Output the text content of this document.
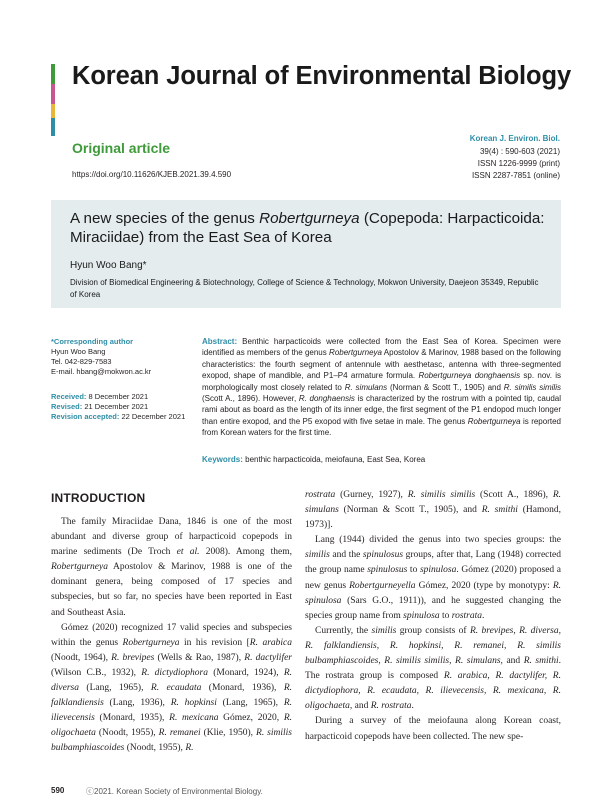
Korean Journal of Environmental Biology
Original article
https://doi.org/10.11626/KJEB.2021.39.4.590
Korean J. Environ. Biol.
39(4) : 590-603 (2021)
ISSN 1226-9999 (print)
ISSN 2287-7851 (online)
A new species of the genus Robertgurneya (Copepoda: Harpacticoida: Miraciidae) from the East Sea of Korea
Hyun Woo Bang*
Division of Biomedical Engineering & Biotechnology, College of Science & Technology, Mokwon University, Daejeon 35349, Republic of Korea
*Corresponding author
Hyun Woo Bang
Tel. 042-829-7583
E-mail. hbang@mokwon.ac.kr
Received: 8 December 2021
Revised: 21 December 2021
Revision accepted: 22 December 2021
Abstract: Benthic harpacticoids were collected from the East Sea of Korea. Specimen were identified as members of the genus Robertgurneya Apostolov & Marinov, 1988 based on the following characteristics: the fourth segment of antennule with aesthetasc, antenna with three-segmented exopod, shape of mandible, and P1–P4 armature formula. Robertgurneya donghaensis sp. nov. is morphologically most closely related to R. simulans (Norman & Scott T., 1905) and R. similis similis (Scott A., 1896). However, R. donghaensis is characterized by the rostrum with a pointed tip, caudal rami about as board as the length of its inner edge, the first segment of the P1 endopod much longer than entire exopod, and the P5 exopod with five setae in male. The genus Robertgurneya is reported from Korean waters for the first time.
Keywords: benthic harpacticoida, meiofauna, East Sea, Korea
INTRODUCTION

The family Miraciidae Dana, 1846 is one of the most abundant and diverse group of harpacticoid copepods in marine sediments (De Troch et al. 2008). Among them, Robertgurneya Apostolov & Marinov, 1988 is one of the dominant genera, being composed of 17 species and subspecies, but so far, no species have been reported in East and Southeast Asia.

Gómez (2020) recognized 17 valid species and subspecies within the genus Robertgurneya in his revision [R. arabica (Noodt, 1964), R. brevipes (Wells & Rao, 1987), R. dactylifer (Wilson C.B., 1932), R. dictydiophora (Monard, 1924), R. diversa (Lang, 1965), R. ecaudata (Monard, 1936), R. falklandiensis (Lang, 1936), R. hopkinsi (Lang, 1965), R. ilievecensis (Monard, 1935), R. mexicana Gómez, 2020, R. oligochaeta (Noodt, 1955), R. remanei (Klie, 1950), R. similis bulbamphiascoides (Noodt, 1955), R.

rostrata (Gurney, 1927), R. similis similis (Scott A., 1896), R. simulans (Norman & Scott T., 1905), and R. smithi (Hamond, 1973)].

Lang (1944) divided the genus into two species groups: the similis and the spinulosus groups, after that, Lang (1948) corrected the group name spinulosus to spinulosa. Gómez (2020) proposed a new genus Robertgurneyella Gómez, 2020 (type by monotypy: R. spinulosa (Sars G.O., 1911)), and he suggested changing the species group name from spinulosa to rostrata.

Currently, the similis group consists of R. brevipes, R. diversa, R. falklandiensis, R. hopkinsi, R. remanei, R. similis bulbamphiascoides, R. similis similis, R. simulans, and R. smithi. The rostrata group is composed R. arabica, R. dactylifer, R. dictydiophora, R. ecaudata, R. ilievecensis, R. mexicana, R. oligochaeta, and R. rostrata.

During a survey of the meiofauna along Korean coast, harpacticoid copepods have been collected. The new spe-

590	ⓒ2021. Korean Society of Environmental Biology.
